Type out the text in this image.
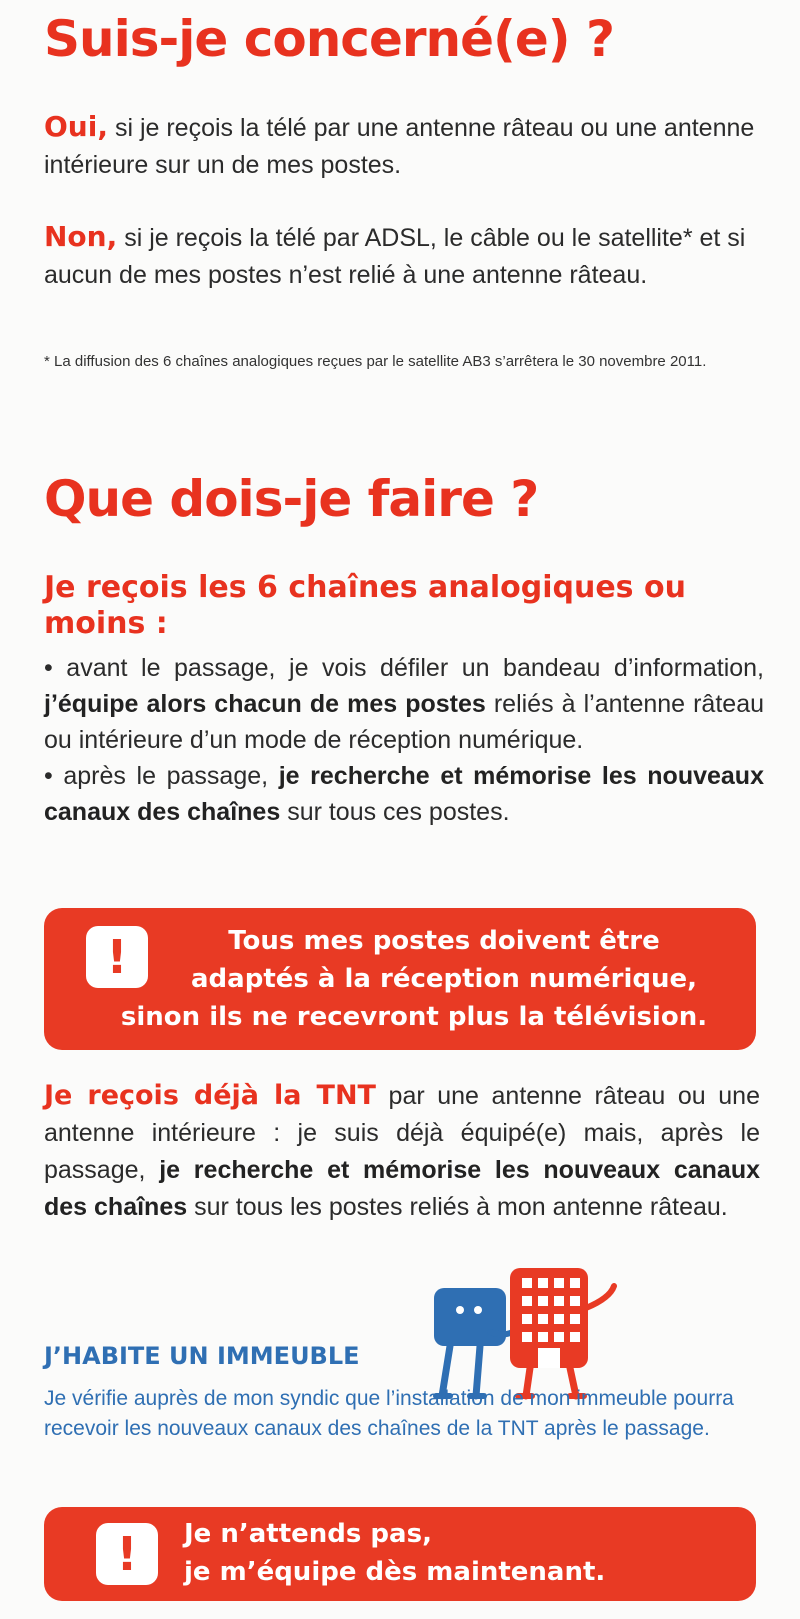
Suis-je concerné(e) ?

Oui, si je reçois la télé par une antenne râteau ou une antenne intérieure sur un de mes postes.

Non, si je reçois la télé par ADSL, le câble ou le satellite* et si aucun de mes postes n’est relié à une antenne râteau.

* La diffusion des 6 chaînes analogiques reçues par le satellite AB3 s’arrêtera le 30 novembre 2011.
Que dois-je faire ?
Je reçois les 6 chaînes analogiques ou moins :

• avant le passage, je vois défiler un bandeau d’information, j’équipe alors chacun de mes postes reliés à l’antenne râteau ou intérieure d’un mode de réception numérique.

• après le passage, je recherche et mémorise les nouveaux canaux des chaînes sur tous ces postes.

!	Tous mes postes doivent être
adaptés à la réception numérique,
sinon ils ne recevront plus la télévision.

Je reçois déjà la TNT par une antenne râteau ou une antenne intérieure : je suis déjà équipé(e) mais, après le passage, je recherche et mémorise les nouveaux canaux des chaînes sur tous les postes reliés à mon antenne râteau.

J’HABITE UN IMMEUBLE

Je vérifie auprès de mon syndic que l’installation de mon immeuble pourra recevoir les nouveaux canaux des chaînes de la TNT après le passage.

!	Je n’attends pas,
je m’équipe dès maintenant.
